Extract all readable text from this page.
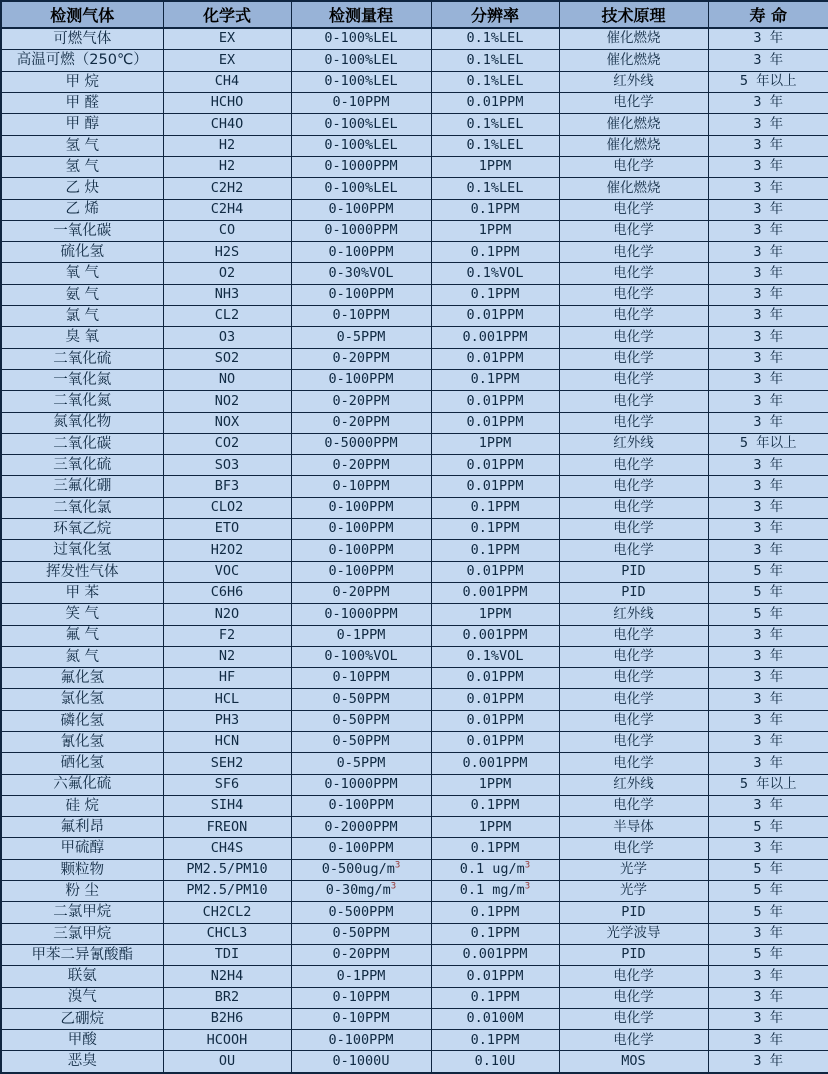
检测气体	化学式	检测量程	分辨率	技术原理	寿 命
可燃气体	EX	0-100%LEL	0.1%LEL	催化燃烧	3 年
高温可燃（250℃）	EX	0-100%LEL	0.1%LEL	催化燃烧	3 年
甲 烷	CH4	0-100%LEL	0.1%LEL	红外线	5 年以上
甲 醛	HCHO	0-10PPM	0.01PPM	电化学	3 年
甲 醇	CH4O	0-100%LEL	0.1%LEL	催化燃烧	3 年
氢 气	H2	0-100%LEL	0.1%LEL	催化燃烧	3 年
氢 气	H2	0-1000PPM	1PPM	电化学	3 年
乙 炔	C2H2	0-100%LEL	0.1%LEL	催化燃烧	3 年
乙 烯	C2H4	0-100PPM	0.1PPM	电化学	3 年
一氧化碳	CO	0-1000PPM	1PPM	电化学	3 年
硫化氢	H2S	0-100PPM	0.1PPM	电化学	3 年
氧 气	O2	0-30%VOL	0.1%VOL	电化学	3 年
氨 气	NH3	0-100PPM	0.1PPM	电化学	3 年
氯 气	CL2	0-10PPM	0.01PPM	电化学	3 年
臭 氧	O3	0-5PPM	0.001PPM	电化学	3 年
二氧化硫	SO2	0-20PPM	0.01PPM	电化学	3 年
一氧化氮	NO	0-100PPM	0.1PPM	电化学	3 年
二氧化氮	NO2	0-20PPM	0.01PPM	电化学	3 年
氮氧化物	NOX	0-20PPM	0.01PPM	电化学	3 年
二氧化碳	CO2	0-5000PPM	1PPM	红外线	5 年以上
三氧化硫	SO3	0-20PPM	0.01PPM	电化学	3 年
三氟化硼	BF3	0-10PPM	0.01PPM	电化学	3 年
二氧化氯	CLO2	0-100PPM	0.1PPM	电化学	3 年
环氧乙烷	ETO	0-100PPM	0.1PPM	电化学	3 年
过氧化氢	H2O2	0-100PPM	0.1PPM	电化学	3 年
挥发性气体	VOC	0-100PPM	0.01PPM	PID	5 年
甲 苯	C6H6	0-20PPM	0.001PPM	PID	5 年
笑 气	N2O	0-1000PPM	1PPM	红外线	5 年
氟 气	F2	0-1PPM	0.001PPM	电化学	3 年
氮 气	N2	0-100%VOL	0.1%VOL	电化学	3 年
氟化氢	HF	0-10PPM	0.01PPM	电化学	3 年
氯化氢	HCL	0-50PPM	0.01PPM	电化学	3 年
磷化氢	PH3	0-50PPM	0.01PPM	电化学	3 年
氰化氢	HCN	0-50PPM	0.01PPM	电化学	3 年
硒化氢	SEH2	0-5PPM	0.001PPM	电化学	3 年
六氟化硫	SF6	0-1000PPM	1PPM	红外线	5 年以上
硅 烷	SIH4	0-100PPM	0.1PPM	电化学	3 年
氟利昂	FREON	0-2000PPM	1PPM	半导体	5 年
甲硫醇	CH4S	0-100PPM	0.1PPM	电化学	3 年
颗粒物	PM2.5/PM10	$0-500ug/m^3$	0.1 $ug/m^3$	光学	5 年
粉 尘	PM2.5/PM10	$0-30mg/m^3$	0.1 $mg/m^3$	光学	5 年
二氯甲烷	CH2CL2	0-500PPM	0.1PPM	PID	5 年
三氯甲烷	CHCL3	0-50PPM	0.1PPM	光学波导	3 年
甲苯二异氰酸酯	TDI	0-20PPM	0.001PPM	PID	5 年
联氨	N2H4	0-1PPM	0.01PPM	电化学	3 年
溴气	BR2	0-10PPM	0.1PPM	电化学	3 年
乙硼烷	B2H6	0-10PPM	0.0100M	电化学	3 年
甲酸	HCOOH	0-100PPM	0.1PPM	电化学	3 年
恶臭	OU	0-1000U	0.10U	MOS	3 年
